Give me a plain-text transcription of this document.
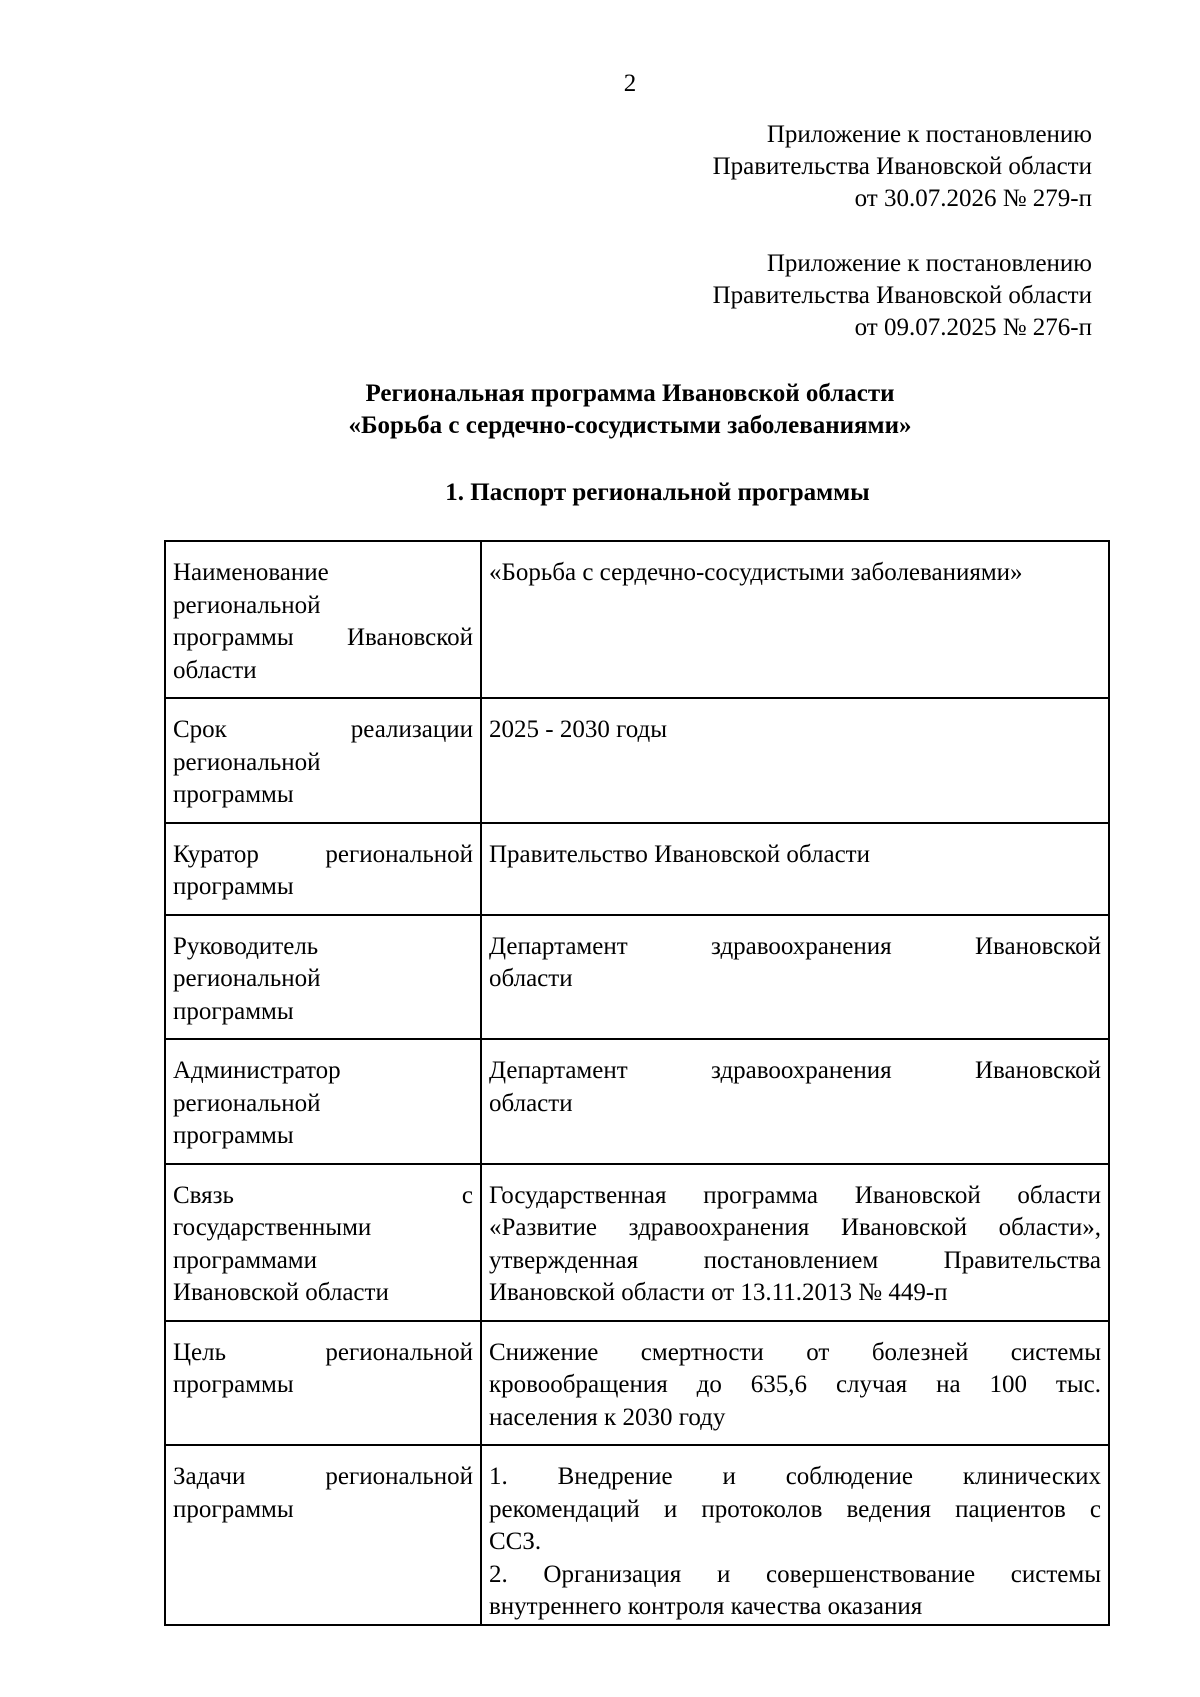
2
Приложение к постановлению
Правительства Ивановской области
от 30.07.2026 № 279-п
Приложение к постановлению
Правительства Ивановской области
от 09.07.2025 № 276-п
Региональная программа Ивановской области
«Борьба с сердечно-сосудистыми заболеваниями»
1. Паспорт региональной программы
Наименование
региональной
программы Ивановской
области	«Борьба с сердечно-сосудистыми заболеваниями»

Срок реализации
региональной
программы	2025 - 2030 годы

Куратор региональной
программы	Правительство Ивановской области

Руководитель
региональной
программы	Департамент здравоохранения Ивановской
области

Администратор
региональной
программы	Департамент здравоохранения Ивановской
области

Связь с
государственными
программами
Ивановской области	Государственная программа Ивановской области
«Развитие здравоохранения Ивановской области»,
утвержденная постановлением Правительства
Ивановской области от 13.11.2013 № 449-п

Цель региональной
программы	Снижение смертности от болезней системы
кровообращения до 635,6 случая на 100 тыс.
населения к 2030 году

Задачи региональной
программы	1. Внедрение и соблюдение клинических
рекомендаций и протоколов ведения пациентов с
ССЗ.
2. Организация и совершенствование системы
внутреннего контроля качества оказания
